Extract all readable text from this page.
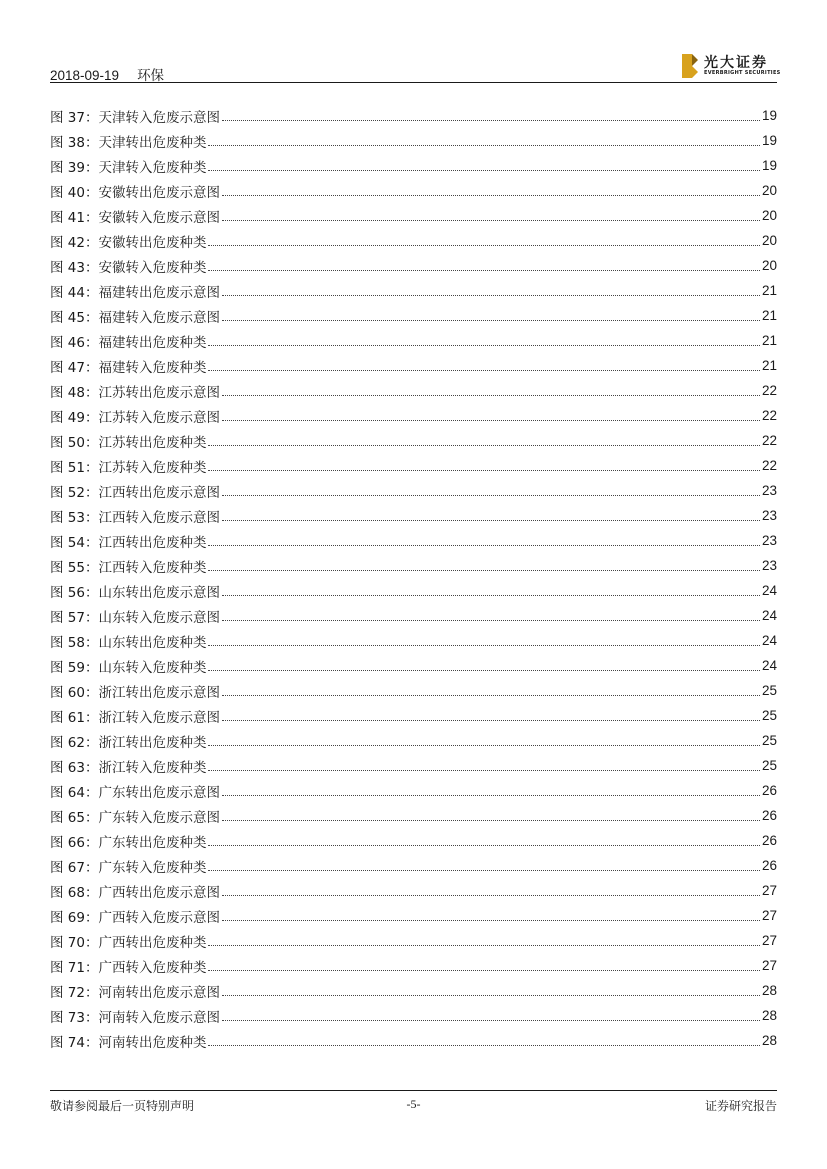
2018-09-19 环保
光大证券
EVERBRIGHT SECURITIES
图 37：天津转入危废示意图	19
图 38：天津转出危废种类	19
图 39：天津转入危废种类	19
图 40：安徽转出危废示意图	20
图 41：安徽转入危废示意图	20
图 42：安徽转出危废种类	20
图 43：安徽转入危废种类	20
图 44：福建转出危废示意图	21
图 45：福建转入危废示意图	21
图 46：福建转出危废种类	21
图 47：福建转入危废种类	21
图 48：江苏转出危废示意图	22
图 49：江苏转入危废示意图	22
图 50：江苏转出危废种类	22
图 51：江苏转入危废种类	22
图 52：江西转出危废示意图	23
图 53：江西转入危废示意图	23
图 54：江西转出危废种类	23
图 55：江西转入危废种类	23
图 56：山东转出危废示意图	24
图 57：山东转入危废示意图	24
图 58：山东转出危废种类	24
图 59：山东转入危废种类	24
图 60：浙江转出危废示意图	25
图 61：浙江转入危废示意图	25
图 62：浙江转出危废种类	25
图 63：浙江转入危废种类	25
图 64：广东转出危废示意图	26
图 65：广东转入危废示意图	26
图 66：广东转出危废种类	26
图 67：广东转入危废种类	26
图 68：广西转出危废示意图	27
图 69：广西转入危废示意图	27
图 70：广西转出危废种类	27
图 71：广西转入危废种类	27
图 72：河南转出危废示意图	28
图 73：河南转入危废示意图	28
图 74：河南转出危废种类	28
敬请参阅最后一页特别声明	-5-	证券研究报告
